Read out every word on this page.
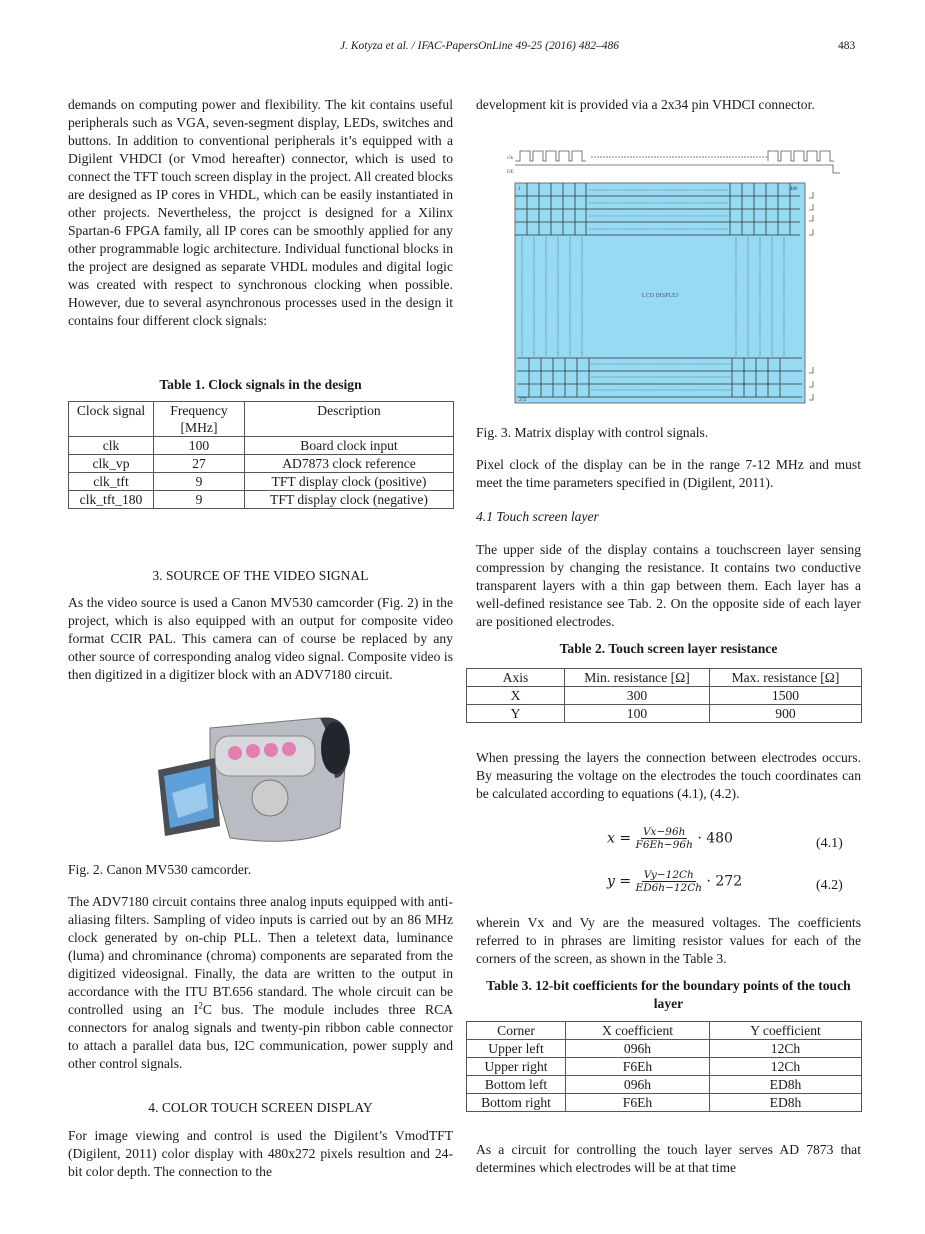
J. Kotyza et al. / IFAC-PapersOnLine 49-25 (2016) 482–486	483
demands on computing power and flexibility. The kit contains useful peripherals such as VGA, seven-segment display, LEDs, switches and buttons. In addition to conventional peripherals it’s equipped with a Digilent VHDCI (or Vmod hereafter) connector, which is used to connect the TFT touch screen display in the project. All created blocks are designed as IP cores in VHDL, which can be easily instantiated in other projects. Nevertheless, the projcct is designed for a Xilinx Spartan-6 FPGA family, all IP cores can be smoothly applied for any other programmable logic architecture. Individual functional blocks in the project are designed as separate VHDL modules and digital logic was created with respect to synchronous clocking when possible. However, due to several asynchronous processes used in the design it contains four different clock signals:
Table 1. Clock signals in the design
Clock signal	Frequency [MHz]	Description
clk	100	Board clock input
clk_vp	27	AD7873 clock reference
clk_tft	9	TFT display clock (positive)
clk_tft_180	9	TFT display clock (negative)
3. SOURCE OF THE VIDEO SIGNAL
As the video source is used a Canon MV530 camcorder (Fig. 2) in the project, which is also equipped with an output for composite video format CCIR PAL. This camera can of course be replaced by any other source of corresponding analog video signal. Composite video is then digitized in a digitizer block with an ADV7180 circuit.
Fig. 2. Canon MV530 camcorder.
The ADV7180 circuit contains three analog inputs equipped with anti-aliasing filters. Sampling of video inputs is carried out by an 86 MHz clock generated by on-chip PLL. Then a teletext data, luminance (luma) and chrominance (chroma) components are separated from the digitized videosignal. Finally, the data are written to the output in accordance with the ITU BT.656 standard. The whole circuit can be controlled using an $I^2C$ bus. The module includes three RCA connectors for analog signals and twenty-pin ribbon cable connector to attach a parallel data bus, I2C communication, power supply and other control signals.
4. COLOR TOUCH SCREEN DISPLAY
For image viewing and control is used the Digilent’s VmodTFT (Digilent, 2011) color display with 480x272 pixels resultion and 24-bit color depth. The connection to the
development kit is provided via a 2x34 pin VHDCI connector.
clk
DE
1	480
272
LCD DISPLEJ
Fig. 3. Matrix display with control signals.
Pixel clock of the display can be in the range 7-12 MHz and must meet the time parameters specified in (Digilent, 2011).
4.1 Touch screen layer
The upper side of the display contains a touchscreen layer sensing compression by changing the resistance. It contains two conductive transparent layers with a thin gap between them. Each layer has a well-defined resistance see Tab. 2. On the opposite side of each layer are positioned electrodes.
Table 2. Touch screen layer resistance
Axis	Min. resistance [Ω]	Max. resistance [Ω]
X	300	1500
Y	100	900
When pressing the layers the connection between electrodes occurs. By measuring the voltage on the electrodes the touch coordinates can be calculated according to equations (4.1), (4.2).
$x = \frac{Vx-96h}{F6Eh-96h} \cdot 480$	(4.1)
$y = \frac{Vy-12Ch}{ED6h-12Ch} \cdot 272$	(4.2)
wherein Vx and Vy are the measured voltages. The coefficients referred to in phrases are limiting resistor values for each of the corners of the screen, as shown in the Table 3.
Table 3. 12-bit coefficients for the boundary points of the touch layer
Corner	X coefficient	Y coefficient
Upper left	096h	12Ch
Upper right	F6Eh	12Ch
Bottom left	096h	ED8h
Bottom right	F6Eh	ED8h
As a circuit for controlling the touch layer serves AD 7873 that determines which electrodes will be at that time
